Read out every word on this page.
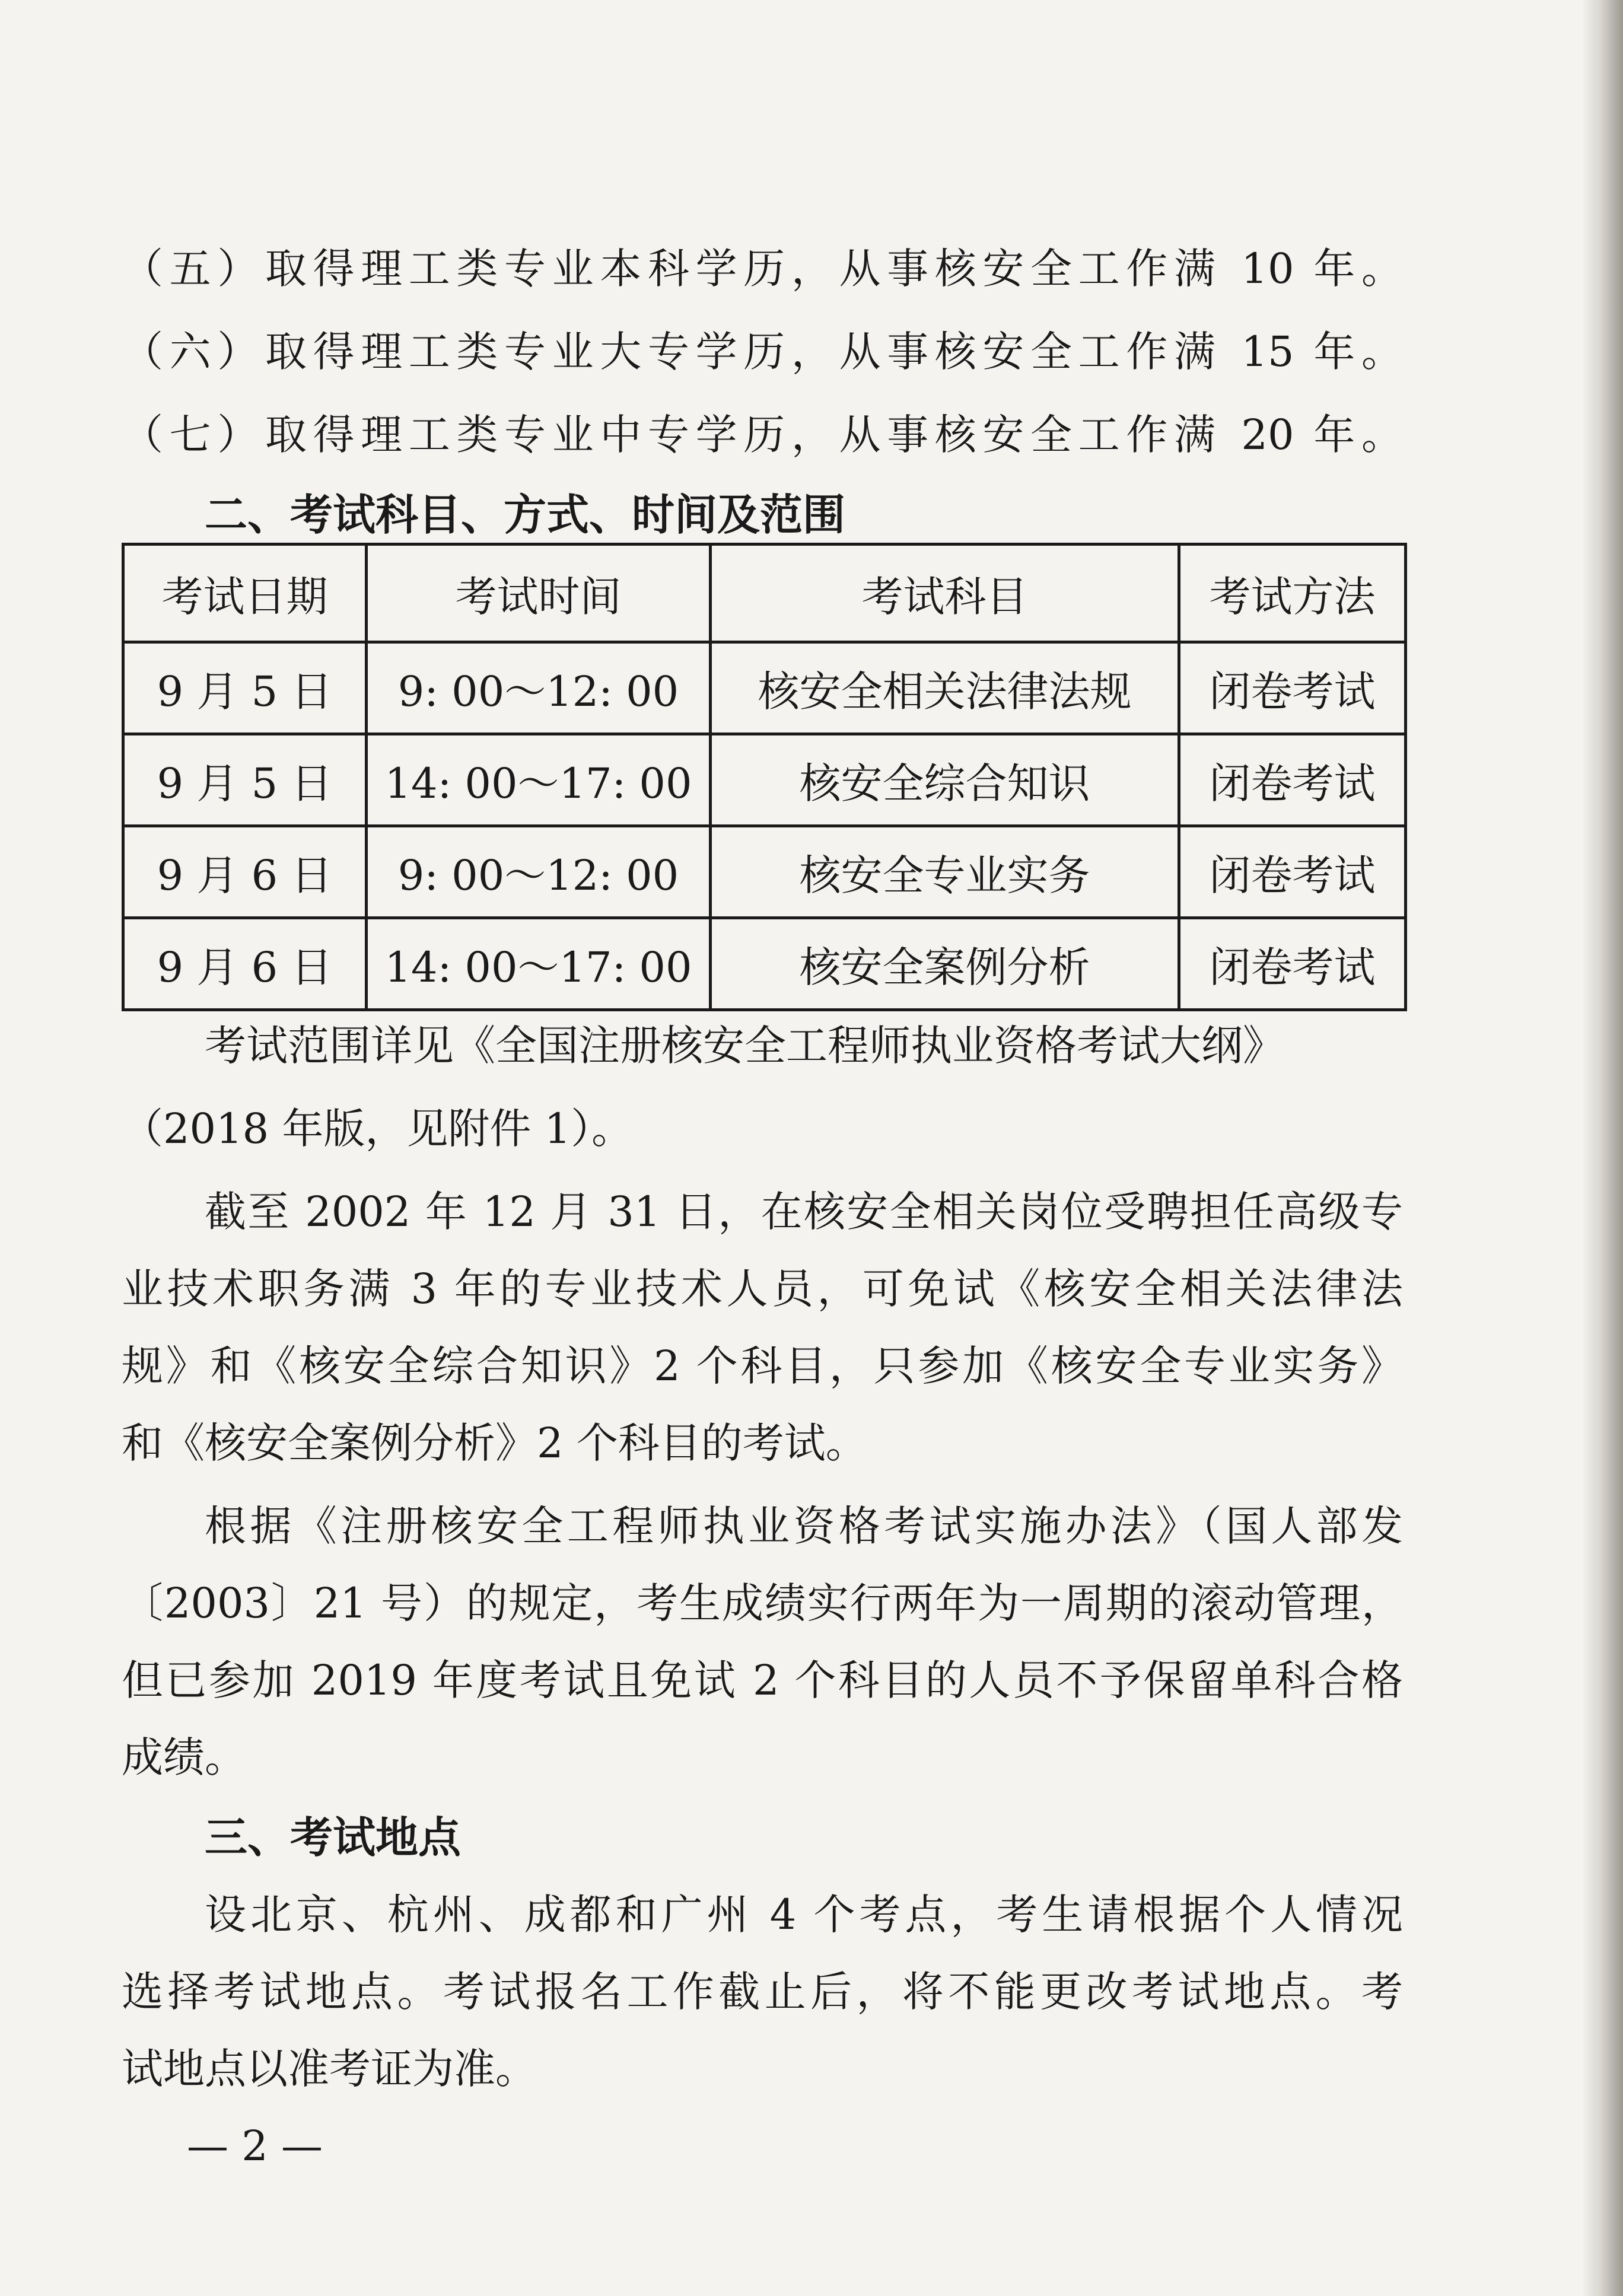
（五）取得理工类专业本科学历，从事核安全工作满 10 年。
（六）取得理工类专业大专学历，从事核安全工作满 15 年。
（七）取得理工类专业中专学历，从事核安全工作满 20 年。
二、考试科目、方式、时间及范围
考试日期	考试时间	考试科目	考试方法
9 月 5 日	9: 00～12: 00	核安全相关法律法规	闭卷考试
9 月 5 日	14: 00～17: 00	核安全综合知识	闭卷考试
9 月 6 日	9: 00～12: 00	核安全专业实务	闭卷考试
9 月 6 日	14: 00～17: 00	核安全案例分析	闭卷考试
考试范围详见《全国注册核安全工程师执业资格考试大纲》
（2018 年版，见附件 1）。
截至 2002 年 12 月 31 日，在核安全相关岗位受聘担任高级专
业技术职务满 3 年的专业技术人员，可免试《核安全相关法律法
规》和《核安全综合知识》2 个科目，只参加《核安全专业实务》
和《核安全案例分析》2 个科目的考试。
根据《注册核安全工程师执业资格考试实施办法》（国人部发
〔2003〕21 号）的规定，考生成绩实行两年为一周期的滚动管理，
但已参加 2019 年度考试且免试 2 个科目的人员不予保留单科合格
成绩。
三、考试地点
设北京、杭州、成都和广州 4 个考点，考生请根据个人情况
选择考试地点。考试报名工作截止后，将不能更改考试地点。考
试地点以准考证为准。
— 2 —
